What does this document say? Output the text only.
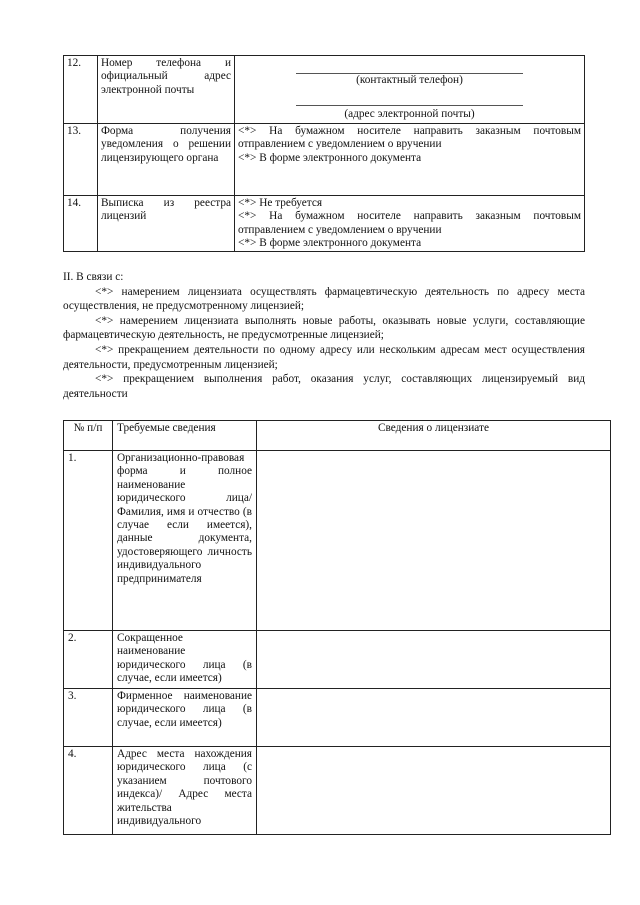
12.	Номер телефона и официальный адрес электронной почты	(контактный телефон)
(адрес электронной почты)

13.	Форма получения уведомления о решении лицензирующего органа	<*> На бумажном носителе направить заказным почтовым отправлением с уведомлением о вручении
<*> В форме электронного документа

14.	Выписка из реестра лицензий	<*> Не требуется
<*> На бумажном носителе направить заказным почтовым отправлением с уведомлением о вручении
<*> В форме электронного документа

II. В связи с:

<*> намерением лицензиата осуществлять фармацевтическую деятельность по адресу места осуществления, не предусмотренному лицензией;

<*> намерением лицензиата выполнять новые работы, оказывать новые услуги, составляющие фармацевтическую деятельность, не предусмотренные лицензией;

<*> прекращением деятельности по одному адресу или нескольким адресам мест осуществления деятельности, предусмотренным лицензией;

<*> прекращением выполнения работ, оказания услуг, составляющих лицензируемый вид деятельности

№ п/п	Требуемые сведения	Сведения о лицензиате
1.	Организационно-правовая форма и полное наименование юридического лица/ Фамилия, имя и отчество (в случае если имеется), данные документа, удостоверяющего личность индивидуального предпринимателя	
2.	Сокращенное наименование юридического лица (в случае, если имеется)	
3.	Фирменное наименование юридического лица (в случае, если имеется)	
4.	Адрес места нахождения юридического лица (с указанием почтового индекса)/ Адрес места жительства индивидуального	
